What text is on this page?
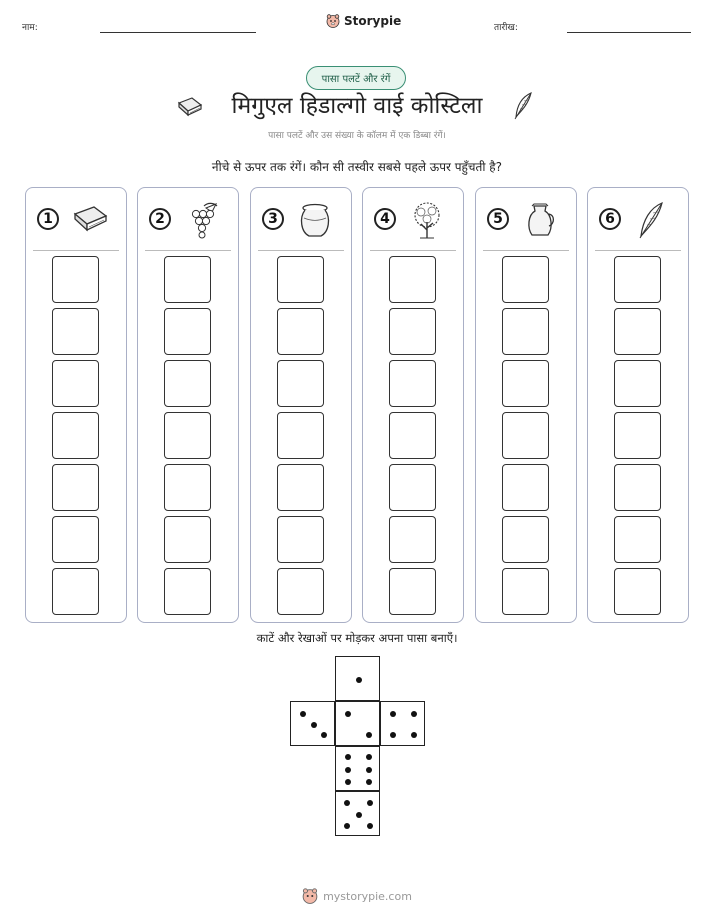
नाम:	Storypie	तारीख:
पासा पलटें और रंगें
मिगुएल हिडाल्गो वाई कोस्टिला
पासा पलटें और उस संख्या के कॉलम में एक डिब्बा रंगें।
नीचे से ऊपर तक रंगें। कौन सी तस्वीर सबसे पहले ऊपर पहुँचती है?
1	2	3	4	5	6
काटें और रेखाओं पर मोड़कर अपना पासा बनाएँ।
mystorypie.com
